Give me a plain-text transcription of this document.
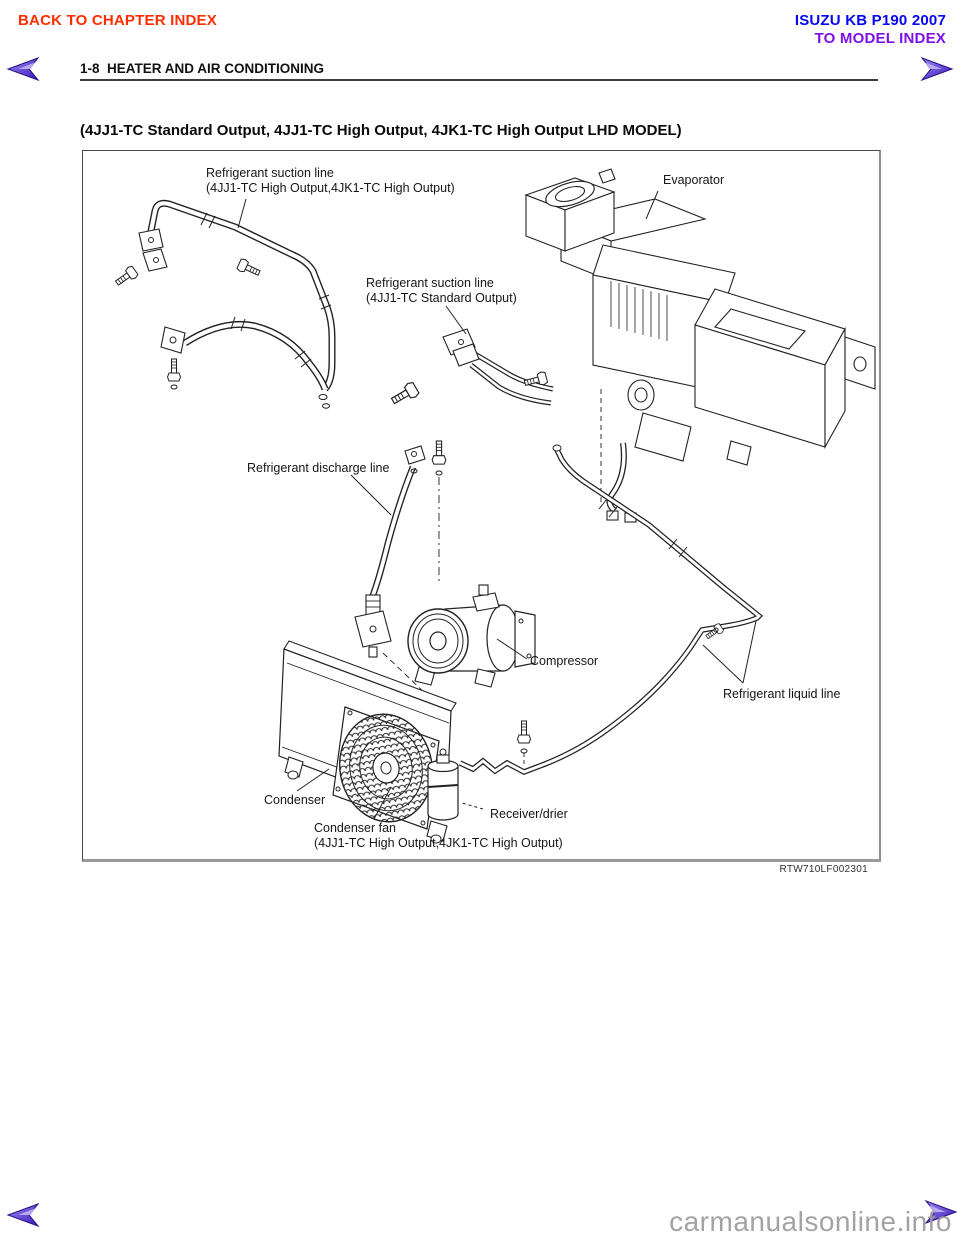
BACK TO CHAPTER INDEX	ISUZU KB P190 2007
TO MODEL INDEX
1-8  HEATER AND AIR CONDITIONING
(4JJ1-TC Standard Output, 4JJ1-TC High Output, 4JK1-TC High Output LHD MODEL)
Refrigerant suction line
(4JJ1-TC High Output,4JK1-TC High Output)
Evaporator
Refrigerant suction line
(4JJ1-TC Standard Output)
Refrigerant discharge line
Compressor
Refrigerant liquid line
Condenser
Receiver/drier
Condenser fan
(4JJ1-TC High Output,4JK1-TC High Output)
RTW710LF002301
carmanualsonline.info
